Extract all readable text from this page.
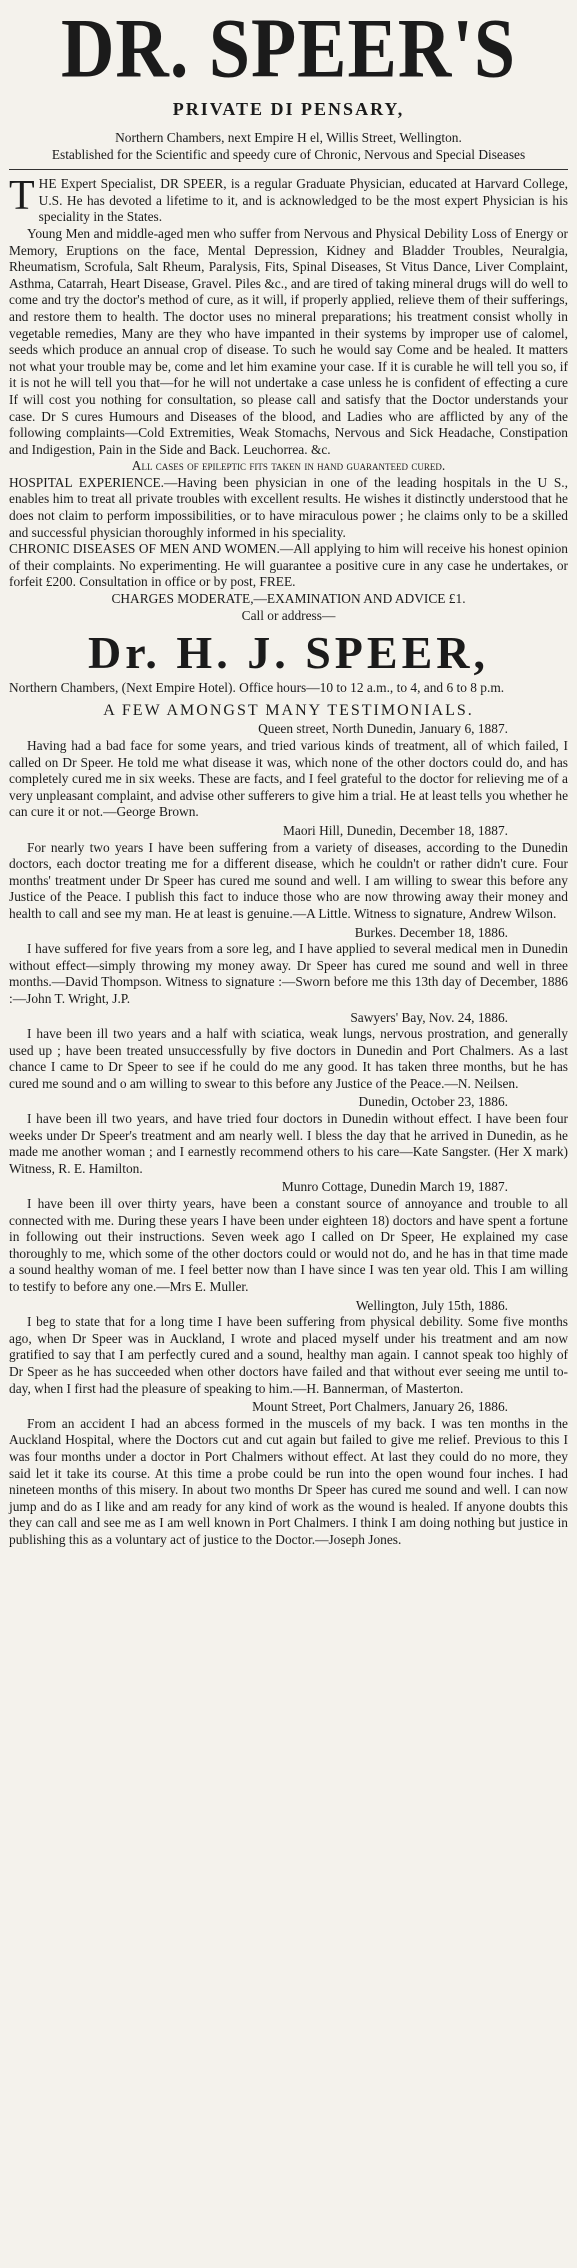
DR. SPEER'S
PRIVATE DI PENSARY,

Northern Chambers, next Empire H el, Willis Street, Wellington.

Established for the Scientific and speedy cure of Chronic, Nervous and Special Diseases

THE Expert Specialist, DR SPEER, is a regular Graduate Physician, educated at Harvard College, U.S. He has devoted a lifetime to it, and is acknowledged to be the most expert Physician is his speciality in the States.

Young Men and middle-aged men who suffer from Nervous and Physical Debility Loss of Energy or Memory, Eruptions on the face, Mental Depression, Kidney and Bladder Troubles, Neuralgia, Rheumatism, Scrofula, Salt Rheum, Paralysis, Fits, Spinal Diseases, St Vitus Dance, Liver Complaint, Asthma, Catarrah, Heart Disease, Gravel. Piles &c., and are tired of taking mineral drugs will do well to come and try the doctor's method of cure, as it will, if properly applied, relieve them of their sufferings, and restore them to health. The doctor uses no mineral preparations; his treatment consist wholly in vegetable remedies, Many are they who have impanted in their systems by improper use of calomel, seeds which produce an annual crop of disease. To such he would say Come and be healed. It matters not what your trouble may be, come and let him examine your case. If it is curable he will tell you so, if it is not he will tell you that—for he will not undertake a case unless he is confident of effecting a cure If will cost you nothing for consultation, so please call and satisfy that the Doctor understands your case. Dr S cures Humours and Diseases of the blood, and Ladies who are afflicted by any of the following complaints—Cold Extremities, Weak Stomachs, Nervous and Sick Headache, Constipation and Indigestion, Pain in the Side and Back. Leuchorrea. &c.

All cases of epileptic fits taken in hand guaranteed cured.

HOSPITAL EXPERIENCE.—Having been physician in one of the leading hospitals in the U S., enables him to treat all private troubles with excellent results. He wishes it distinctly understood that he does not claim to perform impossibilities, or to have miraculous power ; he claims only to be a skilled and successful physician thoroughly informed in his speciality.

CHRONIC DISEASES OF MEN AND WOMEN.—All applying to him will receive his honest opinion of their complaints. No experimenting. He will guarantee a positive cure in any case he undertakes, or forfeit £200. Consultation in office or by post, FREE.

CHARGES MODERATE,—EXAMINATION AND ADVICE £1.

Call or address—

Dr. H. J. SPEER,

Northern Chambers, (Next Empire Hotel). Office hours—10 to 12 a.m., to 4, and 6 to 8 p.m.

A FEW AMONGST MANY TESTIMONIALS.

Queen street, North Dunedin, January 6, 1887.

Having had a bad face for some years, and tried various kinds of treatment, all of which failed, I called on Dr Speer. He told me what disease it was, which none of the other doctors could do, and has completely cured me in six weeks. These are facts, and I feel grateful to the doctor for relieving me of a very unpleasant complaint, and advise other sufferers to give him a trial. He at least tells you whether he can cure it or not.—George Brown.

Maori Hill, Dunedin, December 18, 1887.

For nearly two years I have been suffering from a variety of diseases, according to the Dunedin doctors, each doctor treating me for a different disease, which he couldn't or rather didn't cure. Four months' treatment under Dr Speer has cured me sound and well. I am willing to swear this before any Justice of the Peace. I publish this fact to induce those who are now throwing away their money and health to call and see my man. He at least is genuine.—A Little. Witness to signature, Andrew Wilson.

Burkes. December 18, 1886.

I have suffered for five years from a sore leg, and I have applied to several medical men in Dunedin without effect—simply throwing my money away. Dr Speer has cured me sound and well in three months.—David Thompson. Witness to signature :—Sworn before me this 13th day of December, 1886 :—John T. Wright, J.P.

Sawyers' Bay, Nov. 24, 1886.

I have been ill two years and a half with sciatica, weak lungs, nervous prostration, and generally used up ; have been treated unsuccessfully by five doctors in Dunedin and Port Chalmers. As a last chance I came to Dr Speer to see if he could do me any good. It has taken three months, but he has cured me sound and o am willing to swear to this before any Justice of the Peace.—N. Neilsen.

Dunedin, October 23, 1886.

I have been ill two years, and have tried four doctors in Dunedin without effect. I have been four weeks under Dr Speer's treatment and am nearly well. I bless the day that he arrived in Dunedin, as he made me another woman ; and I earnestly recommend others to his care—Kate Sangster. (Her X mark) Witness, R. E. Hamilton.

Munro Cottage, Dunedin March 19, 1887.

I have been ill over thirty years, have been a constant source of annoyance and trouble to all connected with me. During these years I have been under eighteen 18) doctors and have spent a fortune in following out their instructions. Seven week ago I called on Dr Speer, He explained my case thoroughly to me, which some of the other doctors could or would not do, and he has in that time made a sound healthy woman of me. I feel better now than I have since I was ten year old. This I am willing to testify to before any one.—Mrs E. Muller.

Wellington, July 15th, 1886.

I beg to state that for a long time I have been suffering from physical debility. Some five months ago, when Dr Speer was in Auckland, I wrote and placed myself under his treatment and am now gratified to say that I am perfectly cured and a sound, healthy man again. I cannot speak too highly of Dr Speer as he has succeeded when other doctors have failed and that without ever seeing me until to-day, when I first had the pleasure of speaking to him.—H. Bannerman, of Masterton.

Mount Street, Port Chalmers, January 26, 1886.

From an accident I had an abcess formed in the muscels of my back. I was ten months in the Auckland Hospital, where the Doctors cut and cut again but failed to give me relief. Previous to this I was four months under a doctor in Port Chalmers without effect. At last they could do no more, they said let it take its course. At this time a probe could be run into the open wound four inches. I had nineteen months of this misery. In about two months Dr Speer has cured me sound and well. I can now jump and do as I like and am ready for any kind of work as the wound is healed. If anyone doubts this they can call and see me as I am well known in Port Chalmers. I think I am doing nothing but justice in publishing this as a voluntary act of justice to the Doctor.—Joseph Jones.
